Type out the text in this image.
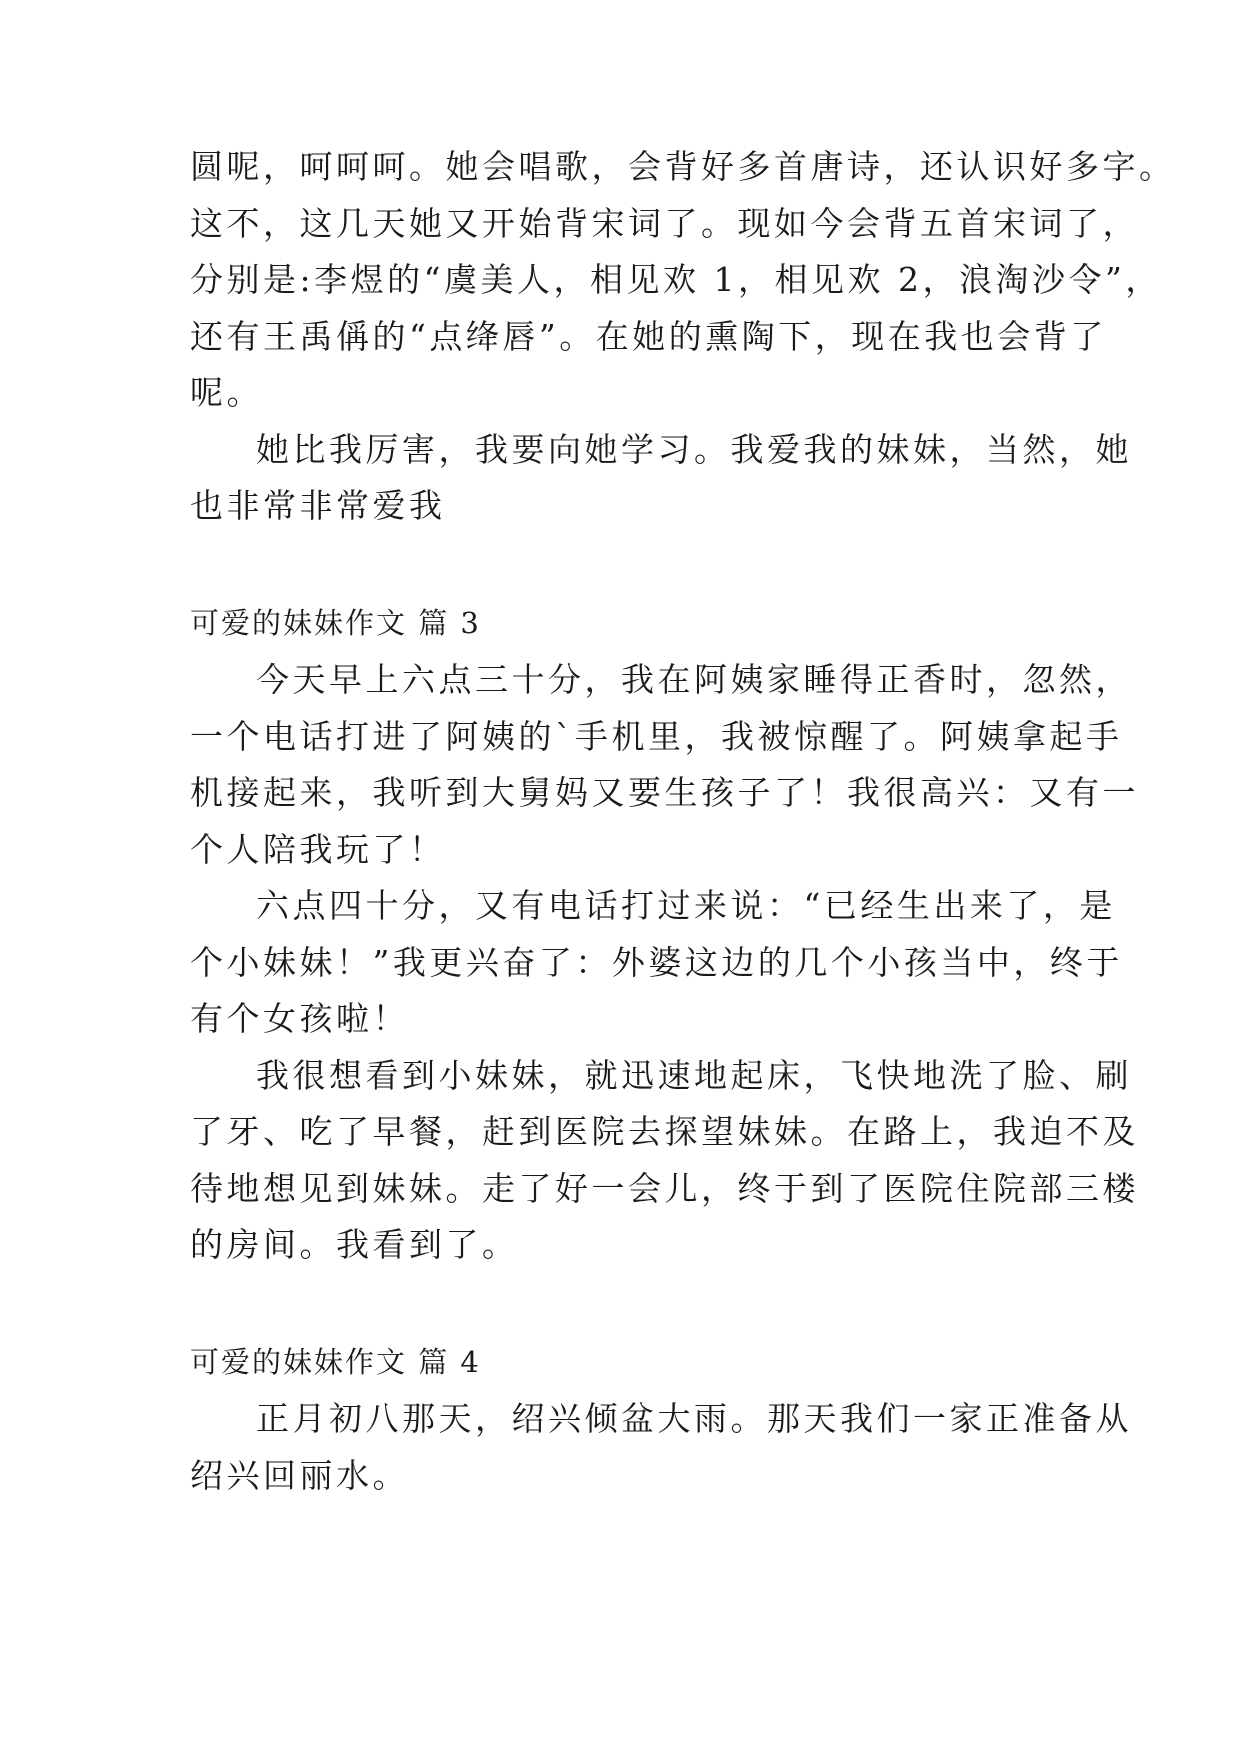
圆呢，呵呵呵。她会唱歌，会背好多首唐诗，还认识好多字。
这不，这几天她又开始背宋词了。现如今会背五首宋词了，
分别是:李煜的“虞美人，相见欢 1，相见欢 2，浪淘沙令”，
还有王禹偁的“点绛唇”。在她的熏陶下，现在我也会背了
呢。
她比我厉害，我要向她学习。我爱我的妹妹，当然，她
也非常非常爱我
可爱的妹妹作文 篇 3
今天早上六点三十分，我在阿姨家睡得正香时，忽然，
一个电话打进了阿姨的`手机里，我被惊醒了。阿姨拿起手
机接起来，我听到大舅妈又要生孩子了！我很高兴：又有一
个人陪我玩了！
六点四十分，又有电话打过来说：“已经生出来了，是
个小妹妹！”我更兴奋了：外婆这边的几个小孩当中，终于
有个女孩啦！
我很想看到小妹妹，就迅速地起床，飞快地洗了脸、刷
了牙、吃了早餐，赶到医院去探望妹妹。在路上，我迫不及
待地想见到妹妹。走了好一会儿，终于到了医院住院部三楼
的房间。我看到了。
可爱的妹妹作文 篇 4
正月初八那天，绍兴倾盆大雨。那天我们一家正准备从
绍兴回丽水。
